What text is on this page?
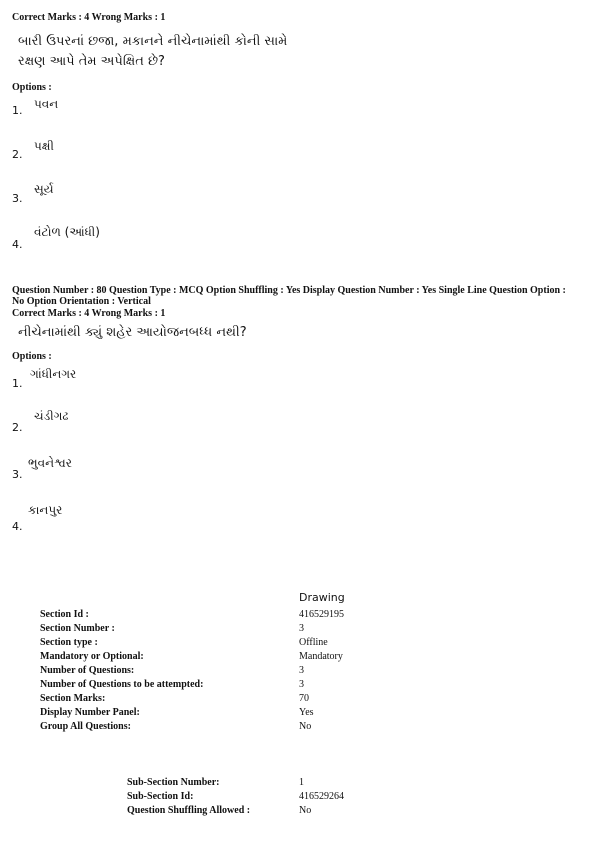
Correct Marks : 4 Wrong Marks : 1
બારી ઉપરનાં છજા, મકાનને નીચેનામાંથી કોની સામે
રક્ષણ આપે તેમ અપેક્ષિત છે?
Options :
1. પવન
2.
પક્ષી
3.
સૂર્ય
4.
વંટોળ (આંધી)
Question Number : 80 Question Type : MCQ Option Shuffling : Yes Display Question Number : Yes Single Line Question Option :
No Option Orientation : Vertical
Correct Marks : 4 Wrong Marks : 1
નીચેનામાંથી ક્યું શહેર આયોજનબધ્ધ નથી?
Options :
1.
ગાંધીનગર
2.
ચંડીગઢ
3.
ભુવનેશ્વર
4.
કાનપુર
Drawing
Section Id :	416529195
Section Number :	3
Section type :	Offline
Mandatory or Optional:	Mandatory
Number of Questions:	3
Number of Questions to be attempted:	3
Section Marks:	70
Display Number Panel:	Yes
Group All Questions:	No
Sub-Section Number:	1
Sub-Section Id:	416529264
Question Shuffling Allowed :	No
